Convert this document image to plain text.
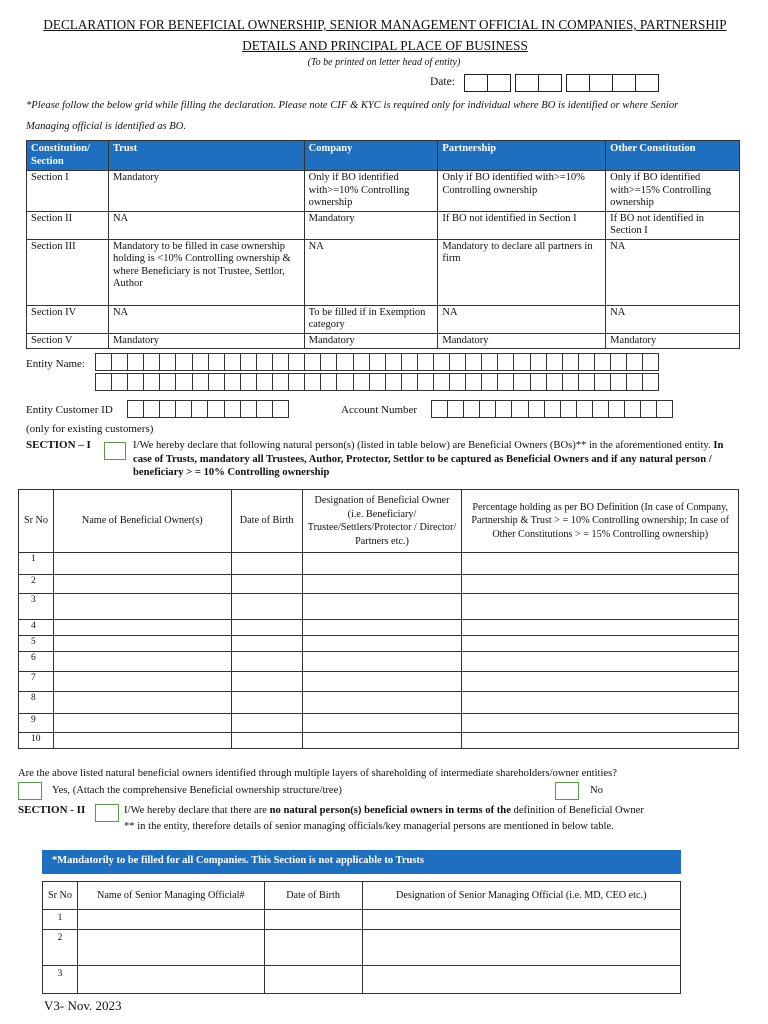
DECLARATION FOR BENEFICIAL OWNERSHIP, SENIOR MANAGEMENT OFFICIAL IN COMPANIES, PARTNERSHIP
DETAILS AND PRINCIPAL PLACE OF BUSINESS
(To be printed on letter head of entity)
Date:
*Please follow the below grid while filling the declaration. Please note CIF & KYC is required only for individual where BO is identified or where Senior
Managing official is identified as BO.
Constitution/ Section	Trust	Company	Partnership	Other Constitution
Section I	Mandatory	Only if BO identified with>=10% Controlling ownership	Only if BO identified with>=10% Controlling ownership	Only if BO identified with>=15% Controlling ownership
Section II	NA	Mandatory	If BO not identified in Section I	If BO not identified in Section I
Section III	Mandatory to be filled in case ownership holding is <10% Controlling ownership & where Beneficiary is not Trustee, Settlor, Author	NA	Mandatory to declare all partners in firm	NA
Section IV	NA	To be filled if in Exemption category	NA	NA
Section V	Mandatory	Mandatory	Mandatory	Mandatory
Entity Name:
Entity Customer ID	Account Number
(only for existing customers)
SECTION – I	I/We hereby declare that following natural person(s) (listed in table below) are Beneficial Owners (BOs)** in the aforementioned entity. In case of Trusts, mandatory all Trustees, Author, Protector, Settlor to be captured as Beneficial Owners and if any natural person / beneficiary > = 10% Controlling ownership
Sr No	Name of Beneficial Owner(s)	Date of Birth	Designation of Beneficial Owner (i.e. Beneficiary/ Trustee/Settlers/Protector / Director/ Partners etc.)	Percentage holding as per BO Definition (In case of Company, Partnership & Trust > = 10% Controlling ownership; In case of Other Constitutions > = 15% Controlling ownership)
1				
2				
3				
4				
5				
6				
7				
8				
9				
10				
Are the above listed natural beneficial owners identified through multiple layers of shareholding of intermediate shareholders/owner entities?
Yes, (Attach the comprehensive Beneficial ownership structure/tree)	No
SECTION - II	I/We hereby declare that there are no natural person(s) beneficial owners in terms of the definition of Beneficial Owner
** in the entity, therefore details of senior managing officials/key managerial persons are mentioned in below table.
*Mandatorily to be filled for all Companies. This Section is not applicable to Trusts
Sr No	Name of Senior Managing Official#	Date of Birth	Designation of Senior Managing Official (i.e. MD, CEO etc.)
1			
2			
3			
V3- Nov. 2023
